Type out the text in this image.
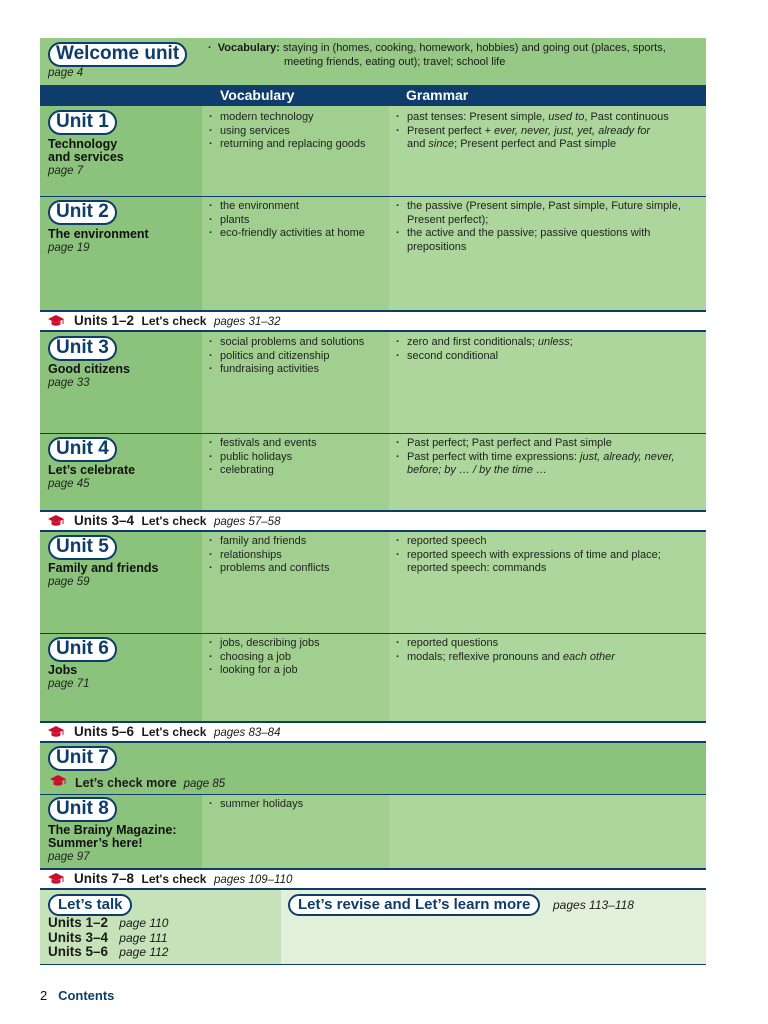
Welcome unit
page 4
·  Vocabulary: staying in (homes, cooking, homework, hobbies) and going out (places, sports,
meeting friends, eating out); travel; school life
Vocabulary	Grammar
Unit 1
Technology
and services
page 7
· modern technology
· using services
· returning and replacing goods
· past tenses: Present simple, used to, Past continuous
· Present perfect + ever, never, just, yet, already for
and since; Present perfect and Past simple
Unit 2
The environment
page 19
· the environment
· plants
· eco-friendly activities at home
· the passive (Present simple, Past simple, Future simple,
Present perfect);
· the active and the passive; passive questions with
prepositions
Units 1–2 Let's check pages 31–32
Unit 3
Good citizens
page 33
· social problems and solutions
· politics and citizenship
· fundraising activities
· zero and first conditionals; unless;
· second conditional
Unit 4
Let’s celebrate
page 45
· festivals and events
· public holidays
· celebrating
· Past perfect; Past perfect and Past simple
· Past perfect with time expressions: just, already, never,
before; by … / by the time …
Units 3–4 Let's check pages 57–58
Unit 5
Family and friends
page 59
· family and friends
· relationships
· problems and conflicts
· reported speech
· reported speech with expressions of time and place;
reported speech: commands
Unit 6
Jobs
page 71
· jobs, describing jobs
· choosing a job
· looking for a job
· reported questions
· modals; reflexive pronouns and each other
Units 5–6 Let's check pages 83–84
Unit 7
Let’s check more page 85
Unit 8
The Brainy Magazine:
Summer’s here!
page 97
· summer holidays
Units 7–8 Let's check pages 109–110
Let’s talk
Units 1–2 page 110
Units 3–4 page 111
Units 5–6 page 112
Let’s revise and Let’s learn more	pages 113–118
2 Contents
